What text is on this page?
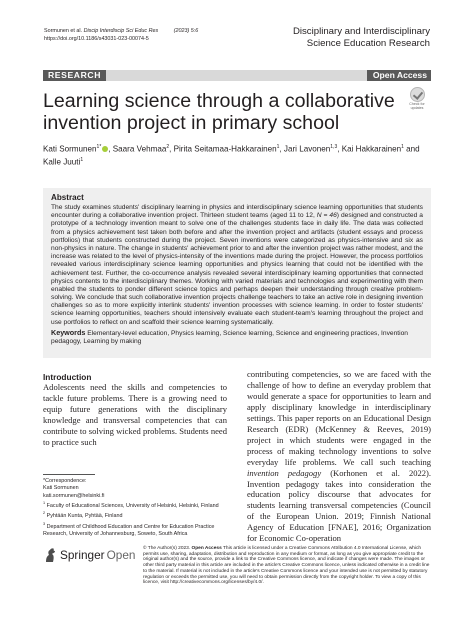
Sormunen et al. Discip Interdiscip Sci Educ Res	(2023) 5:6
https://doi.org/10.1186/s43031-023-00074-5
Disciplinary and Interdisciplinary
Science Education Research
RESEARCH	Open Access
Check for
updates
Learning science through a collaborative
invention project in primary school
Kati Sormunen$^{1*}$ , Saara Vehmaa$^2$, Pirita Seitamaa-Hakkarainen$^1$, Jari Lavonen$^{1,3}$, Kai Hakkarainen$^1$ and
Kalle Juuti$^1$
Abstract

The study examines students' disciplinary learning in physics and interdisciplinary science learning opportunities that students encounter during a collaborative invention project. Thirteen student teams (aged 11 to 12, N = 46) designed and constructed a prototype of a technology invention meant to solve one of the challenges students face in daily life. The data was collected from a physics achievement test taken both before and after the invention project and artifacts (student essays and process portfolios) that students constructed during the project. Seven inventions were categorized as physics-intensive and six as non-physics in nature. The change in students' achievement prior to and after the invention project was rather modest, and the increase was related to the level of physics-intensity of the inventions made during the project. However, the process portfolios revealed various interdisciplinary science learning opportunities and physics learning that could not be identified with the achievement test. Further, the co-occurrence analysis revealed several interdisciplinary learning opportunities that connected physics contents to the interdisciplinary themes. Working with varied materials and technologies and experimenting with them enabled the students to ponder different science topics and perhaps deepen their understanding through creative problem-solving. We conclude that such collaborative invention projects challenge teachers to take an active role in designing invention challenges so as to more explicitly interlink students' invention processes with science learning. In order to foster students' science learning opportunities, teachers should intensively evaluate each student-team's learning throughout the project and use portfolios to reflect on and scaffold their science learning systematically.

Keywords Elementary-level education, Physics learning, Science learning, Science and engineering practices, Invention pedagogy, Learning by making
Introduction
Adolescents need the skills and competencies to tackle future problems. There is a growing need to equip future generations with the disciplinary knowledge and transversal competencies that can contribute to solving wicked problems. Students need to practice such
contributing competencies, so we are faced with the challenge of how to define an everyday problem that would generate a space for opportunities to learn and apply disciplinary knowledge in interdisciplinary settings. This paper reports on an Educational Design Research (EDR) (McKenney & Reeves, 2019) project in which students were engaged in the process of making technology inventions to solve everyday life problems. We call such teaching invention pedagogy (Korhonen et al. 2022). Invention pedagogy takes into consideration the education policy discourse that advocates for students learning transversal competencies (Council of the European Union. 2019; Finnish National Agency of Education [FNAE], 2016; Organization for Economic Co-operation
*Correspondence:
Kati Sormunen
kati.sormunen@helsinki.fi
$^1$ Faculty of Educational Sciences, University of Helsinki, Helsinki, Finland
$^2$ Pyhtään Kunta, Pyhtää, Finland
$^3$ Department of Childhood Education and Centre for Education Practice Research, University of Johannesburg, Soweto, South Africa
Springer Open © The Author(s) 2023. Open Access This article is licensed under a Creative Commons Attribution 4.0 International License, which permits use, sharing, adaptation, distribution and reproduction in any medium or format, as long as you give appropriate credit to the original author(s) and the source, provide a link to the Creative Commons licence, and indicate if changes were made. The images or other third party material in this article are included in the article's Creative Commons licence, unless indicated otherwise in a credit line to the material. If material is not included in the article's Creative Commons licence and your intended use is not permitted by statutory regulation or exceeds the permitted use, you will need to obtain permission directly from the copyright holder. To view a copy of this licence, visit http://creativecommons.org/licenses/by/4.0/.
